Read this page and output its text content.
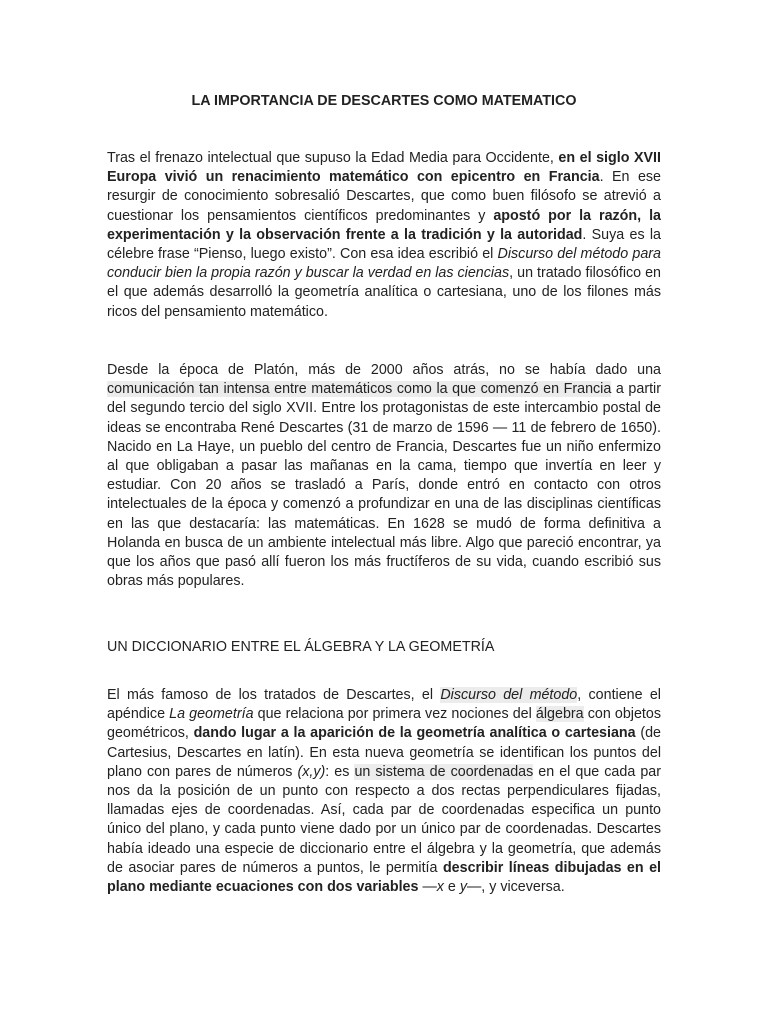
LA IMPORTANCIA DE DESCARTES COMO MATEMATICO

Tras el frenazo intelectual que supuso la Edad Media para Occidente, en el siglo XVII Europa vivió un renacimiento matemático con epicentro en Francia. En ese resurgir de conocimiento sobresalió Descartes, que como buen filósofo se atrevió a cuestionar los pensamientos científicos predominantes y apostó por la razón, la experimentación y la observación frente a la tradición y la autoridad. Suya es la célebre frase “Pienso, luego existo”. Con esa idea escribió el Discurso del método para conducir bien la propia razón y buscar la verdad en las ciencias, un tratado filosófico en el que además desarrolló la geometría analítica o cartesiana, uno de los filones más ricos del pensamiento matemático.

Desde la época de Platón, más de 2000 años atrás, no se había dado una comunicación tan intensa entre matemáticos como la que comenzó en Francia a partir del segundo tercio del siglo XVII. Entre los protagonistas de este intercambio postal de ideas se encontraba René Descartes (31 de marzo de 1596 — 11 de febrero de 1650). Nacido en La Haye, un pueblo del centro de Francia, Descartes fue un niño enfermizo al que obligaban a pasar las mañanas en la cama, tiempo que invertía en leer y estudiar. Con 20 años se trasladó a París, donde entró en contacto con otros intelectuales de la época y comenzó a profundizar en una de las disciplinas científicas en las que destacaría: las matemáticas. En 1628 se mudó de forma definitiva a Holanda en busca de un ambiente intelectual más libre. Algo que pareció encontrar, ya que los años que pasó allí fueron los más fructíferos de su vida, cuando escribió sus obras más populares.

UN DICCIONARIO ENTRE EL ÁLGEBRA Y LA GEOMETRÍA

El más famoso de los tratados de Descartes, el Discurso del método, contiene el apéndice La geometría que relaciona por primera vez nociones del álgebra con objetos geométricos, dando lugar a la aparición de la geometría analítica o cartesiana (de Cartesius, Descartes en latín). En esta nueva geometría se identifican los puntos del plano con pares de números (x,y): es un sistema de coordenadas en el que cada par nos da la posición de un punto con respecto a dos rectas perpendiculares fijadas, llamadas ejes de coordenadas. Así, cada par de coordenadas especifica un punto único del plano, y cada punto viene dado por un único par de coordenadas. Descartes había ideado una especie de diccionario entre el álgebra y la geometría, que además de asociar pares de números a puntos, le permitía describir líneas dibujadas en el plano mediante ecuaciones con dos variables —x e y—, y viceversa.
